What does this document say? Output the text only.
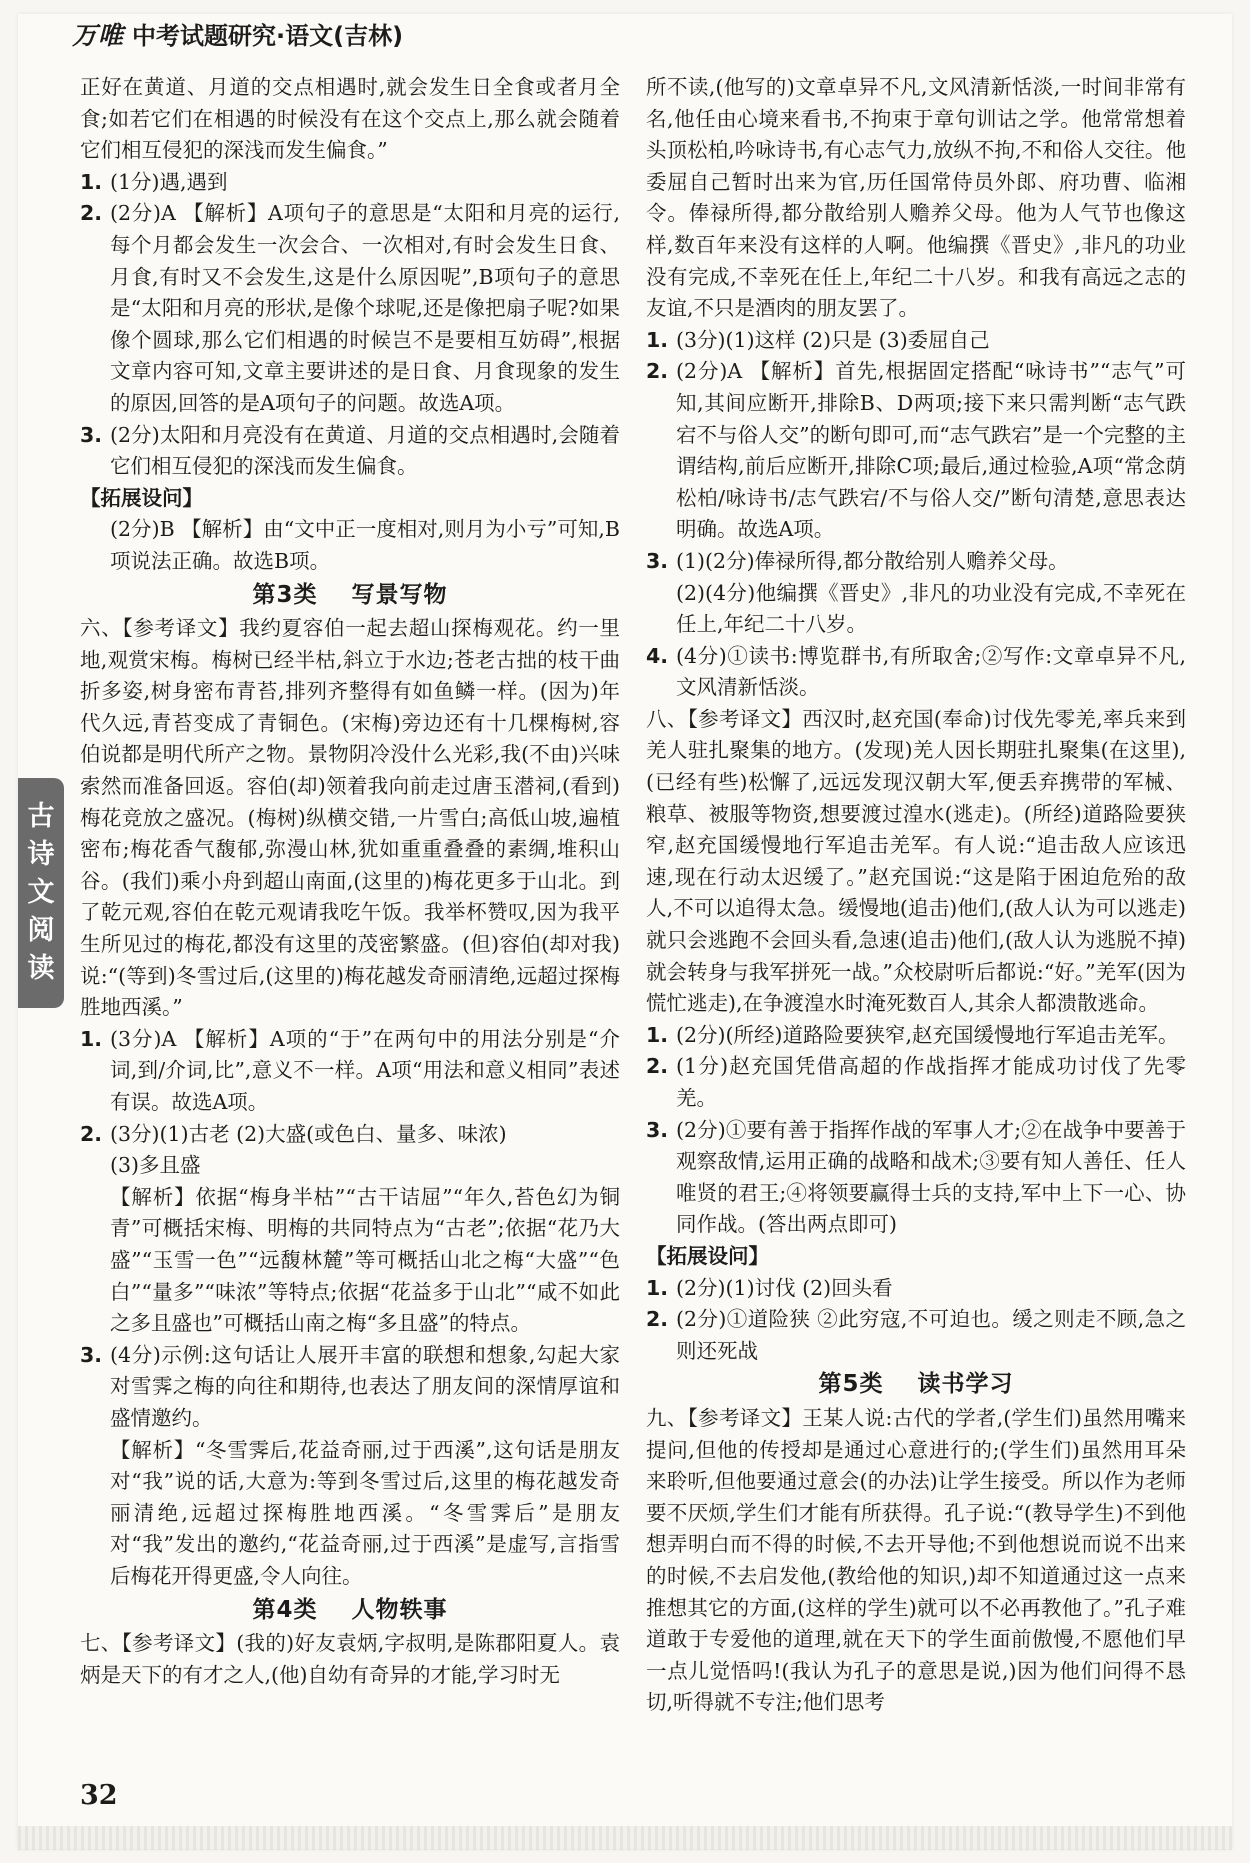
万唯 中考试题研究·语文(吉林)
古
诗
文
阅
读

正好在黄道、月道的交点相遇时,就会发生日全食或者月全食;如若它们在相遇的时候没有在这个交点上,那么就会随着它们相互侵犯的深浅而发生偏食。”

1. (1分)遇,遇到
2. (2分)A 【解析】A项句子的意思是“太阳和月亮的运行,每个月都会发生一次会合、一次相对,有时会发生日食、月食,有时又不会发生,这是什么原因呢”,B项句子的意思是“太阳和月亮的形状,是像个球呢,还是像把扇子呢?如果像个圆球,那么它们相遇的时候岂不是要相互妨碍”,根据文章内容可知,文章主要讲述的是日食、月食现象的发生的原因,回答的是A项句子的问题。故选A项。
3. (2分)太阳和月亮没有在黄道、月道的交点相遇时,会随着它们相互侵犯的深浅而发生偏食。

【拓展设问】

(2分)B 【解析】由“文中正一度相对,则月为小亏”可知,B项说法正确。故选B项。

第3类 写景写物

六、【参考译文】我约夏容伯一起去超山探梅观花。约一里地,观赏宋梅。梅树已经半枯,斜立于水边;苍老古拙的枝干曲折多姿,树身密布青苔,排列齐整得有如鱼鳞一样。(因为)年代久远,青苔变成了青铜色。(宋梅)旁边还有十几棵梅树,容伯说都是明代所产之物。景物阴冷没什么光彩,我(不由)兴味索然而准备回返。容伯(却)领着我向前走过唐玉潜祠,(看到)梅花竞放之盛况。(梅树)纵横交错,一片雪白;高低山坡,遍植密布;梅花香气馥郁,弥漫山林,犹如重重叠叠的素绸,堆积山谷。(我们)乘小舟到超山南面,(这里的)梅花更多于山北。到了乾元观,容伯在乾元观请我吃午饭。我举杯赞叹,因为我平生所见过的梅花,都没有这里的茂密繁盛。(但)容伯(却对我)说:“(等到)冬雪过后,(这里的)梅花越发奇丽清绝,远超过探梅胜地西溪。”

1. (3分)A 【解析】A项的“于”在两句中的用法分别是“介词,到/介词,比”,意义不一样。A项“用法和意义相同”表述有误。故选A项。
2. (3分)(1)古老 (2)大盛(或色白、量多、味浓)

(3)多且盛

【解析】依据“梅身半枯”“古干诘屈”“年久,苔色幻为铜青”可概括宋梅、明梅的共同特点为“古老”;依据“花乃大盛”“玉雪一色”“远馥林麓”等可概括山北之梅“大盛”“色白”“量多”“味浓”等特点;依据“花益多于山北”“咸不如此之多且盛也”可概括山南之梅“多且盛”的特点。

3. (4分)示例:这句话让人展开丰富的联想和想象,勾起大家对雪霁之梅的向往和期待,也表达了朋友间的深情厚谊和盛情邀约。

【解析】“冬雪霁后,花益奇丽,过于西溪”,这句话是朋友对“我”说的话,大意为:等到冬雪过后,这里的梅花越发奇丽清绝,远超过探梅胜地西溪。“冬雪霁后”是朋友对“我”发出的邀约,“花益奇丽,过于西溪”是虚写,言指雪后梅花开得更盛,令人向往。

第4类 人物轶事

七、【参考译文】(我的)好友袁炳,字叔明,是陈郡阳夏人。袁炳是天下的有才之人,(他)自幼有奇异的才能,学习时无

所不读,(他写的)文章卓异不凡,文风清新恬淡,一时间非常有名,他任由心境来看书,不拘束于章句训诂之学。他常常想着头顶松柏,吟咏诗书,有心志气力,放纵不拘,不和俗人交往。他委屈自己暂时出来为官,历任国常侍员外郎、府功曹、临湘令。俸禄所得,都分散给别人赡养父母。他为人气节也像这样,数百年来没有这样的人啊。他编撰《晋史》,非凡的功业没有完成,不幸死在任上,年纪二十八岁。和我有高远之志的友谊,不只是酒肉的朋友罢了。

1. (3分)(1)这样 (2)只是 (3)委屈自己
2. (2分)A 【解析】首先,根据固定搭配“咏诗书”“志气”可知,其间应断开,排除B、D两项;接下来只需判断“志气跌宕不与俗人交”的断句即可,而“志气跌宕”是一个完整的主谓结构,前后应断开,排除C项;最后,通过检验,A项“常念荫松柏/咏诗书/志气跌宕/不与俗人交/”断句清楚,意思表达明确。故选A项。
3. (1)(2分)俸禄所得,都分散给别人赡养父母。

(2)(4分)他编撰《晋史》,非凡的功业没有完成,不幸死在任上,年纪二十八岁。

4. (4分)①读书:博览群书,有所取舍;②写作:文章卓异不凡,文风清新恬淡。

八、【参考译文】西汉时,赵充国(奉命)讨伐先零羌,率兵来到羌人驻扎聚集的地方。(发现)羌人因长期驻扎聚集(在这里),(已经有些)松懈了,远远发现汉朝大军,便丢弃携带的军械、粮草、被服等物资,想要渡过湟水(逃走)。(所经)道路险要狭窄,赵充国缓慢地行军追击羌军。有人说:“追击敌人应该迅速,现在行动太迟缓了。”赵充国说:“这是陷于困迫危殆的敌人,不可以追得太急。缓慢地(追击)他们,(敌人认为可以逃走)就只会逃跑不会回头看,急速(追击)他们,(敌人认为逃脱不掉)就会转身与我军拼死一战。”众校尉听后都说:“好。”羌军(因为慌忙逃走),在争渡湟水时淹死数百人,其余人都溃散逃命。

1. (2分)(所经)道路险要狭窄,赵充国缓慢地行军追击羌军。
2. (1分)赵充国凭借高超的作战指挥才能成功讨伐了先零羌。
3. (2分)①要有善于指挥作战的军事人才;②在战争中要善于观察敌情,运用正确的战略和战术;③要有知人善任、任人唯贤的君王;④将领要赢得士兵的支持,军中上下一心、协同作战。(答出两点即可)

【拓展设问】

1. (2分)(1)讨伐 (2)回头看
2. (2分)①道险狭 ②此穷寇,不可迫也。缓之则走不顾,急之则还死战
第5类 读书学习

九、【参考译文】王某人说:古代的学者,(学生们)虽然用嘴来提问,但他的传授却是通过心意进行的;(学生们)虽然用耳朵来聆听,但他要通过意会(的办法)让学生接受。所以作为老师要不厌烦,学生们才能有所获得。孔子说:“(教导学生)不到他想弄明白而不得的时候,不去开导他;不到他想说而说不出来的时候,不去启发他,(教给他的知识,)却不知道通过这一点来推想其它的方面,(这样的学生)就可以不必再教他了。”孔子难道敢于专爱他的道理,就在天下的学生面前傲慢,不愿他们早一点儿觉悟吗!(我认为孔子的意思是说,)因为他们问得不恳切,听得就不专注;他们思考

32
